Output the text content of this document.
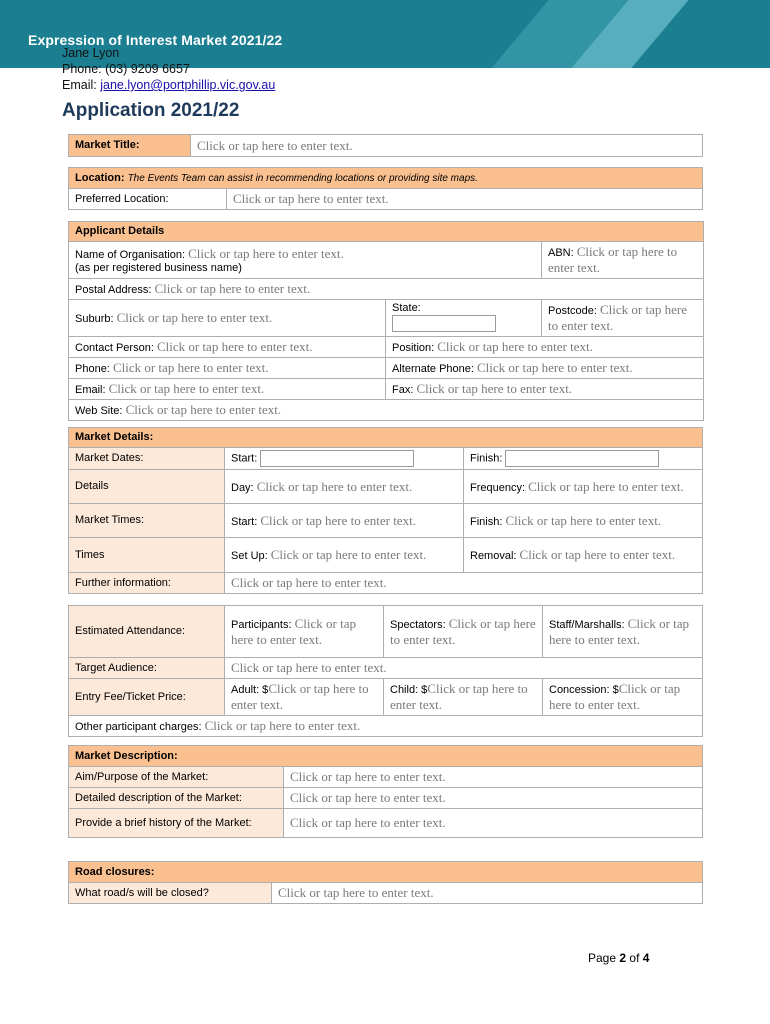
Expression of Interest Market 2021/22
Jane Lyon
Phone: (03) 9209 6657
Email: jane.lyon@portphillip.vic.gov.au
Application 2021/22
Market Title:	Click or tap here to enter text.
Location: The Events Team can assist in recommending locations or providing site maps.
Preferred Location:	Click or tap here to enter text.
Applicant Details		
Name of Organisation: Click or tap here to enter text.
(as per registered business name)		ABN: Click or tap here to enter text.
Postal Address: Click or tap here to enter text.		
Suburb: Click or tap here to enter text.	State:	Postcode: Click or tap here to enter text.
Contact Person: Click or tap here to enter text.	Position: Click or tap here to enter text.	
Phone: Click or tap here to enter text.	Alternate Phone: Click or tap here to enter text.	
Email: Click or tap here to enter text.	Fax: Click or tap here to enter text.	
Web Site: Click or tap here to enter text.		
Market Details:		
Market Dates:	Start:	Finish:
Details	Day: Click or tap here to enter text.	Frequency: Click or tap here to enter text.
Market Times:	Start: Click or tap here to enter text.	Finish: Click or tap here to enter text.
Times	Set Up: Click or tap here to enter text.	Removal: Click or tap here to enter text.
Further information:	Click or tap here to enter text.	
Estimated Attendance:	Participants: Click or tap here to enter text.	Spectators: Click or tap here to enter text.	Staff/Marshalls: Click or tap here to enter text.
Target Audience:	Click or tap here to enter text.		
Entry Fee/Ticket Price:	Adult: $Click or tap here to enter text.	Child: $Click or tap here to enter text.	Concession: $Click or tap here to enter text.
Other participant charges: Click or tap here to enter text.			
Market Description:	
Aim/Purpose of the Market:	Click or tap here to enter text.
Detailed description of the Market:	Click or tap here to enter text.
Provide a brief history of the Market:	Click or tap here to enter text.
Road closures:
What road/s will be closed?	Click or tap here to enter text.
Page 2 of 4
